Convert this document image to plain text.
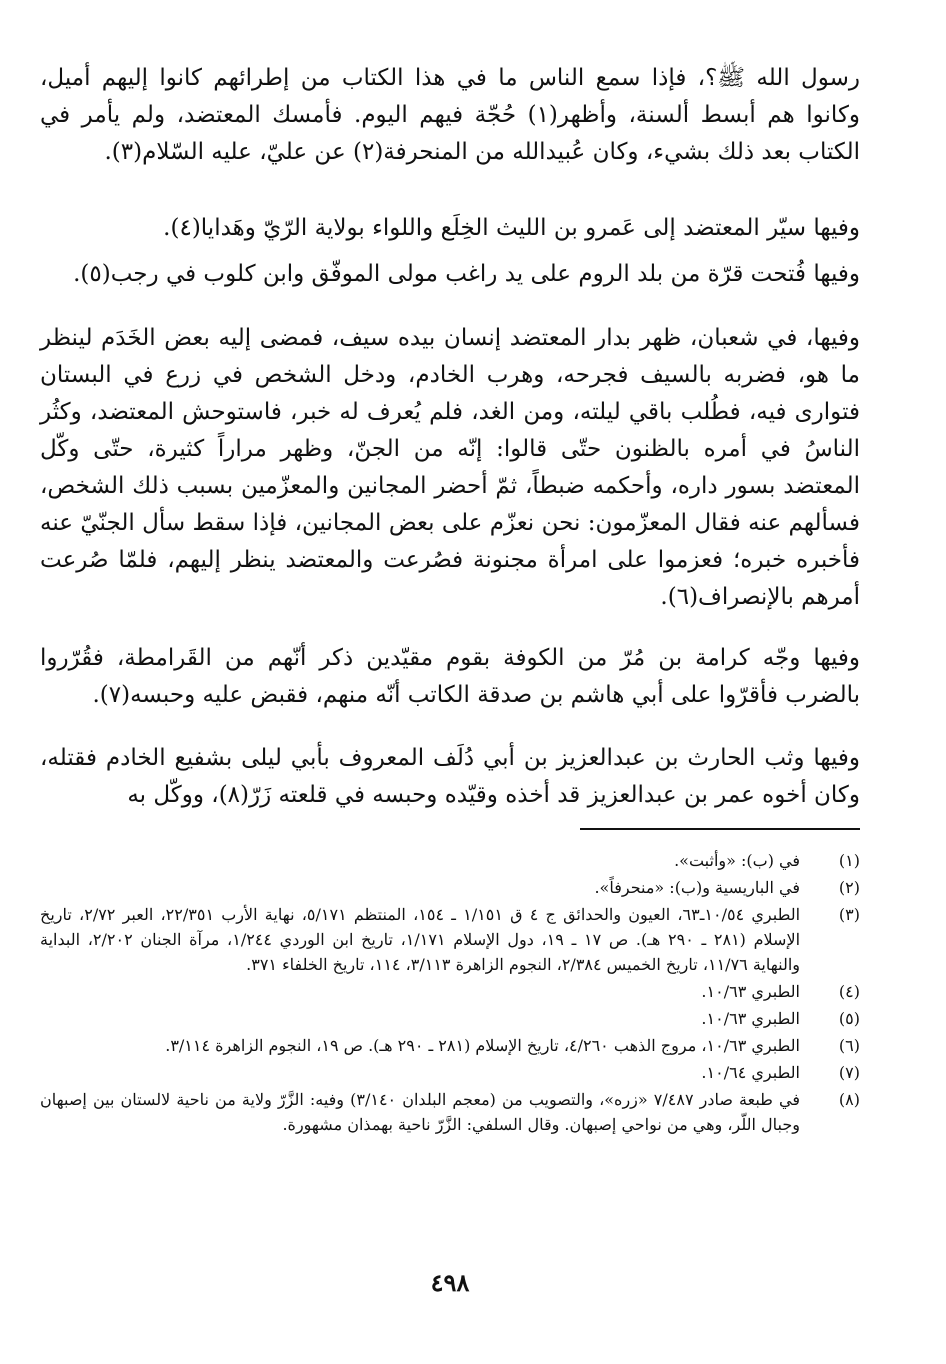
رسول الله ﷺ؟، فإذا سمع الناس ما في هذا الكتاب من إطرائهم كانوا إليهم أميل، وكانوا هم أبسط ألسنة، وأظهر(١) حُجّة فيهم اليوم. فأمسك المعتضد، ولم يأمر في الكتاب بعد ذلك بشيء، وكان عُبيدالله من المنحرفة(٢) عن عليّ، عليه السّلام(٣).

وفيها سيّر المعتضد إلى عَمرو بن الليث الخِلَع واللواء بولاية الرّيّ وهَدايا(٤).

وفيها فُتحت قرّة من بلد الروم على يد راغب مولى الموفّق وابن كلوب في رجب(٥).

وفيها، في شعبان، ظهر بدار المعتضد إنسان بيده سيف، فمضى إليه بعض الخَدَم لينظر ما هو، فضربه بالسيف فجرحه، وهرب الخادم، ودخل الشخص في زرع في البستان فتوارى فيه، فطُلب باقي ليلته، ومن الغد، فلم يُعرف له خبر، فاستوحش المعتضد، وكثُر الناسُ في أمره بالظنون حتّى قالوا: إنّه من الجنّ، وظهر مراراً كثيرة، حتّى وكّل المعتضد بسور داره، وأحكمه ضبطاً، ثمّ أحضر المجانين والمعزّمين بسبب ذلك الشخص، فسألهم عنه فقال المعزّمون: نحن نعزّم على بعض المجانين، فإذا سقط سأل الجنّيّ عنه فأخبره خبره؛ فعزموا على امرأة مجنونة فصُرعت والمعتضد ينظر إليهم، فلمّا صُرعت أمرهم بالإنصراف(٦).

وفيها وجّه كرامة بن مُرّ من الكوفة بقوم مقيّدين ذكر أنّهم من القَرامطة، فقُرّروا بالضرب فأقرّوا على أبي هاشم بن صدقة الكاتب أنّه منهم، فقبض عليه وحبسه(٧).

وفيها وثب الحارث بن عبدالعزيز بن أبي دُلَف المعروف بأبي ليلى بشفيع الخادم فقتله، وكان أخوه عمر بن عبدالعزيز قد أخذه وقيّده وحبسه في قلعته زَرّ(٨)، ووكّل به

(١)
في (ب): «وأثبت».
(٢)
في الباريسية و(ب): «منحرفاً».
(٣)
الطبري ١٠/٥٤ـ٦٣، العيون والحدائق ج ٤ ق ١/١٥١ ـ ١٥٤، المنتظم ٥/١٧١، نهاية الأرب ٢٢/٣٥١، العبر ٢/٧٢، تاريخ الإسلام (٢٨١ ـ ٢٩٠ هـ). ص ١٧ ـ ١٩، دول الإسلام ١/١٧١، تاريخ ابن الوردي ١/٢٤٤، مرآة الجنان ٢/٢٠٢، البداية والنهاية ١١/٧٦، تاريخ الخميس ٢/٣٨٤، النجوم الزاهرة ٣/١١٣، ١١٤، تاريخ الخلفاء ٣٧١.
(٤)
الطبري ١٠/٦٣.
(٥)
الطبري ١٠/٦٣.
(٦)
الطبري ١٠/٦٣، مروج الذهب ٤/٢٦٠، تاريخ الإسلام (٢٨١ ـ ٢٩٠ هـ). ص ١٩، النجوم الزاهرة ٣/١١٤.
(٧)
الطبري ١٠/٦٤.
(٨)
في طبعة صادر ٧/٤٨٧ «زره»، والتصويب من (معجم البلدان ٣/١٤٠) وفيه: الزَّرّ ولاية من ناحية لالستان بين إصبهان وجبال اللّر، وهي من نواحي إصبهان. وقال السلفي: الزَّرّ ناحية بهمذان مشهورة.
٤٩٨
